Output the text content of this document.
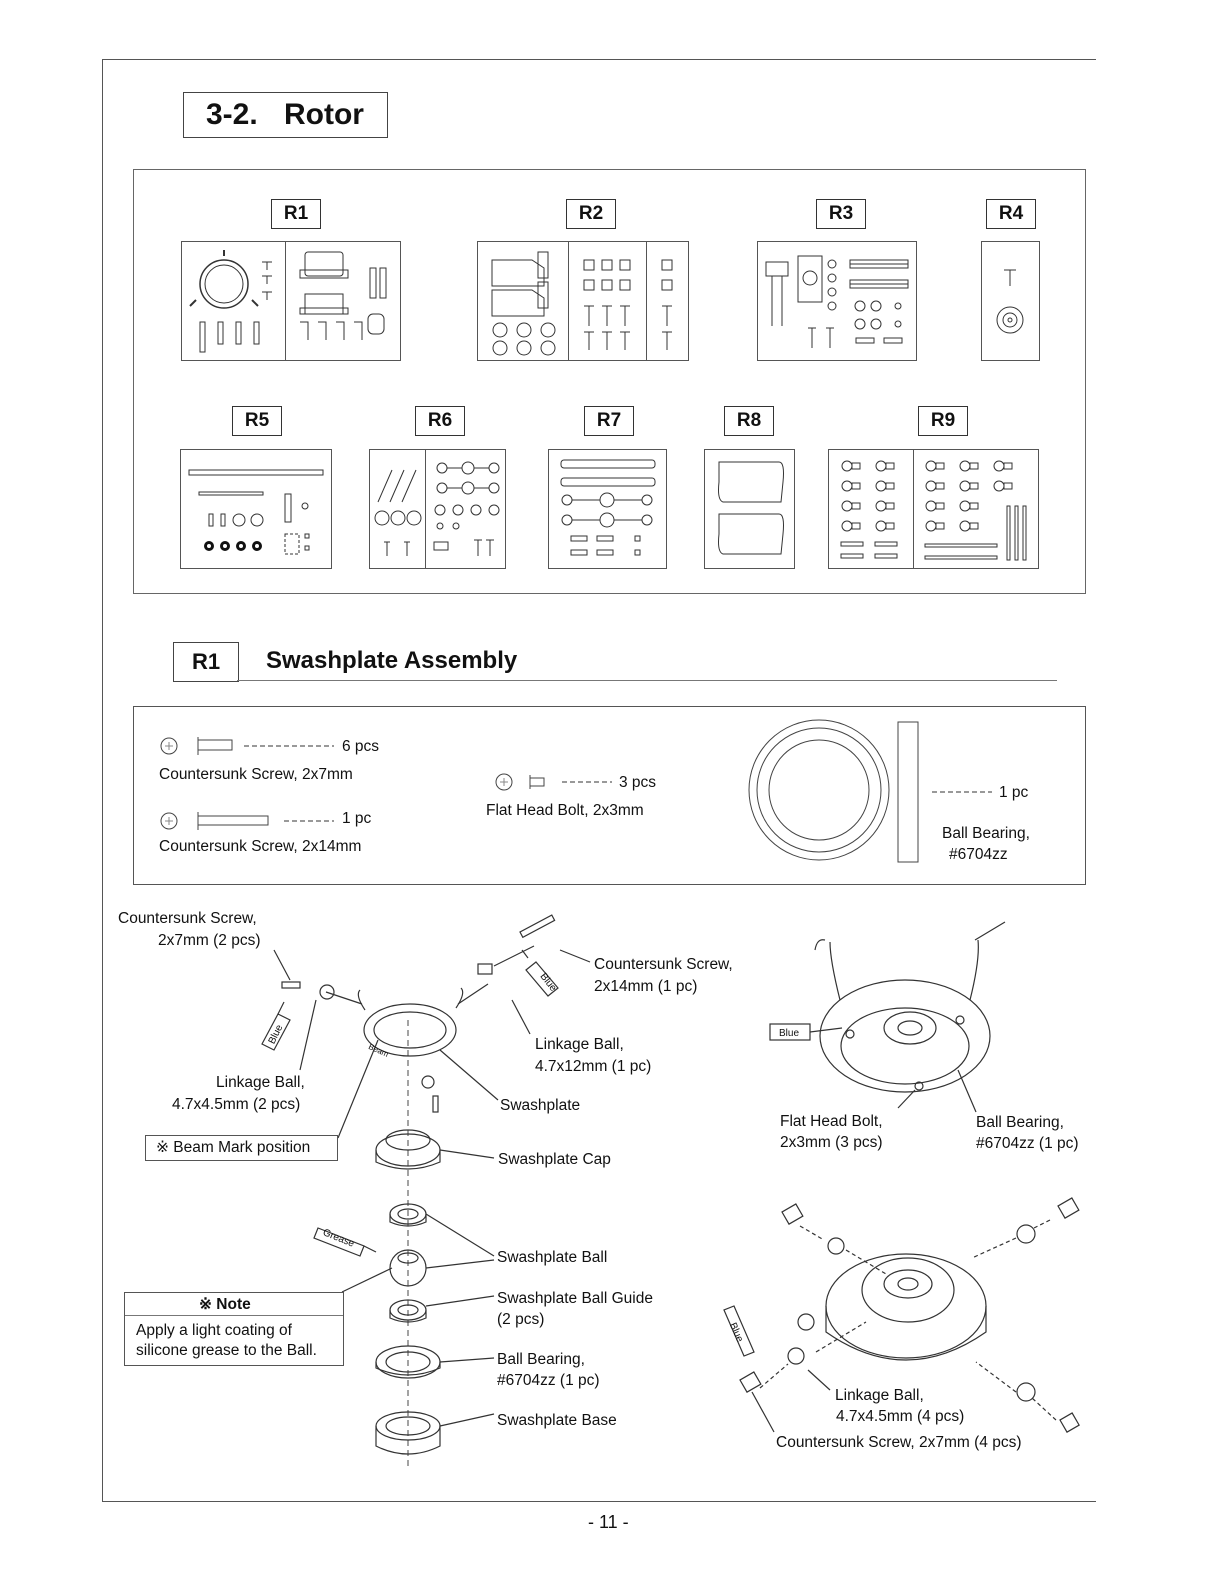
3-2. Rotor
R1	R2	R3	R4
R5	R6	R7	R8	R9
R1 Swashplate Assembly
6 pcs
Countersunk Screw, 2x7mm
1 pc
Countersunk Screw, 2x14mm
3 pcs
Flat Head Bolt, 2x3mm
1 pc
Ball Bearing,
#6704zz
Countersunk Screw,
2x7mm (2 pcs)
Countersunk Screw,
2x14mm (1 pc)
Linkage Ball,
4.7x12mm (1 pc)
Linkage Ball,
4.7x4.5mm (2 pcs)	Swashplate
※ Beam Mark position
Swashplate Cap
Swashplate Ball
Swashplate Ball Guide
(2 pcs)
Ball Bearing,
#6704zz (1 pc)
Swashplate Base
Grease
Blue
Blue
Blue
Blue
Beam
※ Note
Apply a light coating of
silicone grease to the Ball.
Flat Head Bolt,
2x3mm (3 pcs)
Ball Bearing,
#6704zz (1 pc)
Linkage Ball,
4.7x4.5mm (4 pcs)
Countersunk Screw, 2x7mm (4 pcs)
- 11 -
